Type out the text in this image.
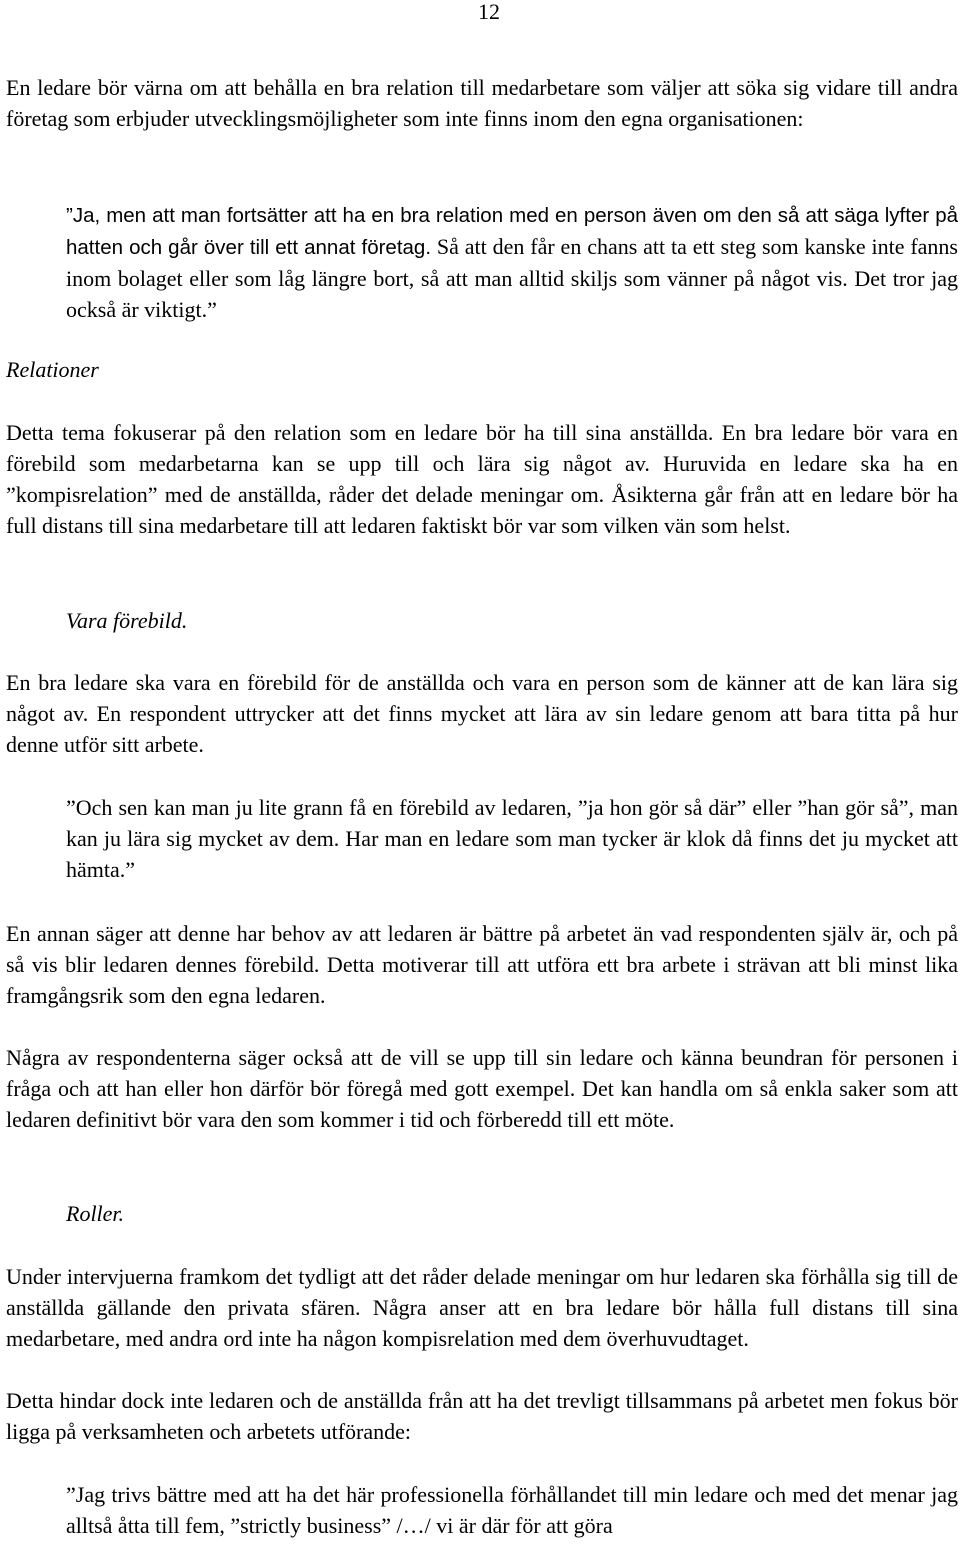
12

En ledare bör värna om att behålla en bra relation till medarbetare som väljer att söka sig vidare till andra företag som erbjuder utvecklingsmöjligheter som inte finns inom den egna organisationen:

”Ja, men att man fortsätter att ha en bra relation med en person även om den så att säga lyfter på hatten och går över till ett annat företag. Så att den får en chans att ta ett steg som kanske inte fanns inom bolaget eller som låg längre bort, så att man alltid skiljs som vänner på något vis. Det tror jag också är viktigt.”

Relationer

Detta tema fokuserar på den relation som en ledare bör ha till sina anställda. En bra ledare bör vara en förebild som medarbetarna kan se upp till och lära sig något av. Huruvida en ledare ska ha en ”kompisrelation” med de anställda, råder det delade meningar om. Åsikterna går från att en ledare bör ha full distans till sina medarbetare till att ledaren faktiskt bör var som vilken vän som helst.

Vara förebild.

En bra ledare ska vara en förebild för de anställda och vara en person som de känner att de kan lära sig något av. En respondent uttrycker att det finns mycket att lära av sin ledare genom att bara titta på hur denne utför sitt arbete.

”Och sen kan man ju lite grann få en förebild av ledaren, ”ja hon gör så där” eller ”han gör så”, man kan ju lära sig mycket av dem. Har man en ledare som man tycker är klok då finns det ju mycket att hämta.”

En annan säger att denne har behov av att ledaren är bättre på arbetet än vad respondenten själv är, och på så vis blir ledaren dennes förebild. Detta motiverar till att utföra ett bra arbete i strävan att bli minst lika framgångsrik som den egna ledaren.

Några av respondenterna säger också att de vill se upp till sin ledare och känna beundran för personen i fråga och att han eller hon därför bör föregå med gott exempel. Det kan handla om så enkla saker som att ledaren definitivt bör vara den som kommer i tid och förberedd till ett möte.

Roller.

Under intervjuerna framkom det tydligt att det råder delade meningar om hur ledaren ska förhålla sig till de anställda gällande den privata sfären. Några anser att en bra ledare bör hålla full distans till sina medarbetare, med andra ord inte ha någon kompisrelation med dem överhuvudtaget.

Detta hindar dock inte ledaren och de anställda från att ha det trevligt tillsammans på arbetet men fokus bör ligga på verksamheten och arbetets utförande:

”Jag trivs bättre med att ha det här professionella förhållandet till min ledare och med det menar jag alltså åtta till fem, ”strictly business” /…/ vi är där för att göra
